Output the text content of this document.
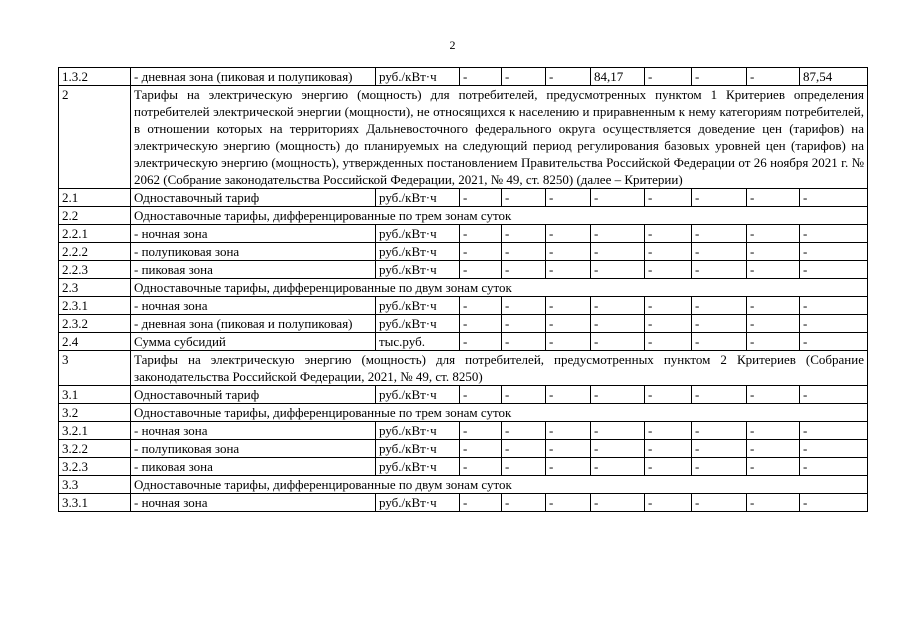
2
1.3.2	- дневная зона (пиковая и полупиковая)	руб./кВт·ч	-	-	-	84,17	-	-	-	87,54
2	Тарифы на электрическую энергию (мощность) для потребителей, предусмотренных пунктом 1 Критериев определения потребителей электрической энергии (мощности), не относящихся к населению и приравненным к нему категориям потребителей, в отношении которых на территориях Дальневосточного федерального округа осуществляется доведение цен (тарифов) на электрическую энергию (мощность) до планируемых на следующий период регулирования базовых уровней цен (тарифов) на электрическую энергию (мощность), утвержденных постановлением Правительства Российской Федерации от 26 ноября 2021 г. № 2062 (Собрание законодательства Российской Федерации, 2021, № 49, ст. 8250) (далее – Критерии)									
2.1	Одноставочный тариф	руб./кВт·ч	-	-	-	-	-	-	-	-
2.2	Одноставочные тарифы, дифференцированные по трем зонам суток									
2.2.1	- ночная зона	руб./кВт·ч	-	-	-	-	-	-	-	-
2.2.2	- полупиковая зона	руб./кВт·ч	-	-	-	-	-	-	-	-
2.2.3	- пиковая зона	руб./кВт·ч	-	-	-	-	-	-	-	-
2.3	Одноставочные тарифы, дифференцированные по двум зонам суток									
2.3.1	- ночная зона	руб./кВт·ч	-	-	-	-	-	-	-	-
2.3.2	- дневная зона (пиковая и полупиковая)	руб./кВт·ч	-	-	-	-	-	-	-	-
2.4	Сумма субсидий	тыс.руб.	-	-	-	-	-	-	-	-
3	Тарифы на электрическую энергию (мощность) для потребителей, предусмотренных пунктом 2 Критериев (Собрание законодательства Российской Федерации, 2021, № 49, ст. 8250)									
3.1	Одноставочный тариф	руб./кВт·ч	-	-	-	-	-	-	-	-
3.2	Одноставочные тарифы, дифференцированные по трем зонам суток									
3.2.1	- ночная зона	руб./кВт·ч	-	-	-	-	-	-	-	-
3.2.2	- полупиковая зона	руб./кВт·ч	-	-	-	-	-	-	-	-
3.2.3	- пиковая зона	руб./кВт·ч	-	-	-	-	-	-	-	-
3.3	Одноставочные тарифы, дифференцированные по двум зонам суток									
3.3.1	- ночная зона	руб./кВт·ч	-	-	-	-	-	-	-	-
